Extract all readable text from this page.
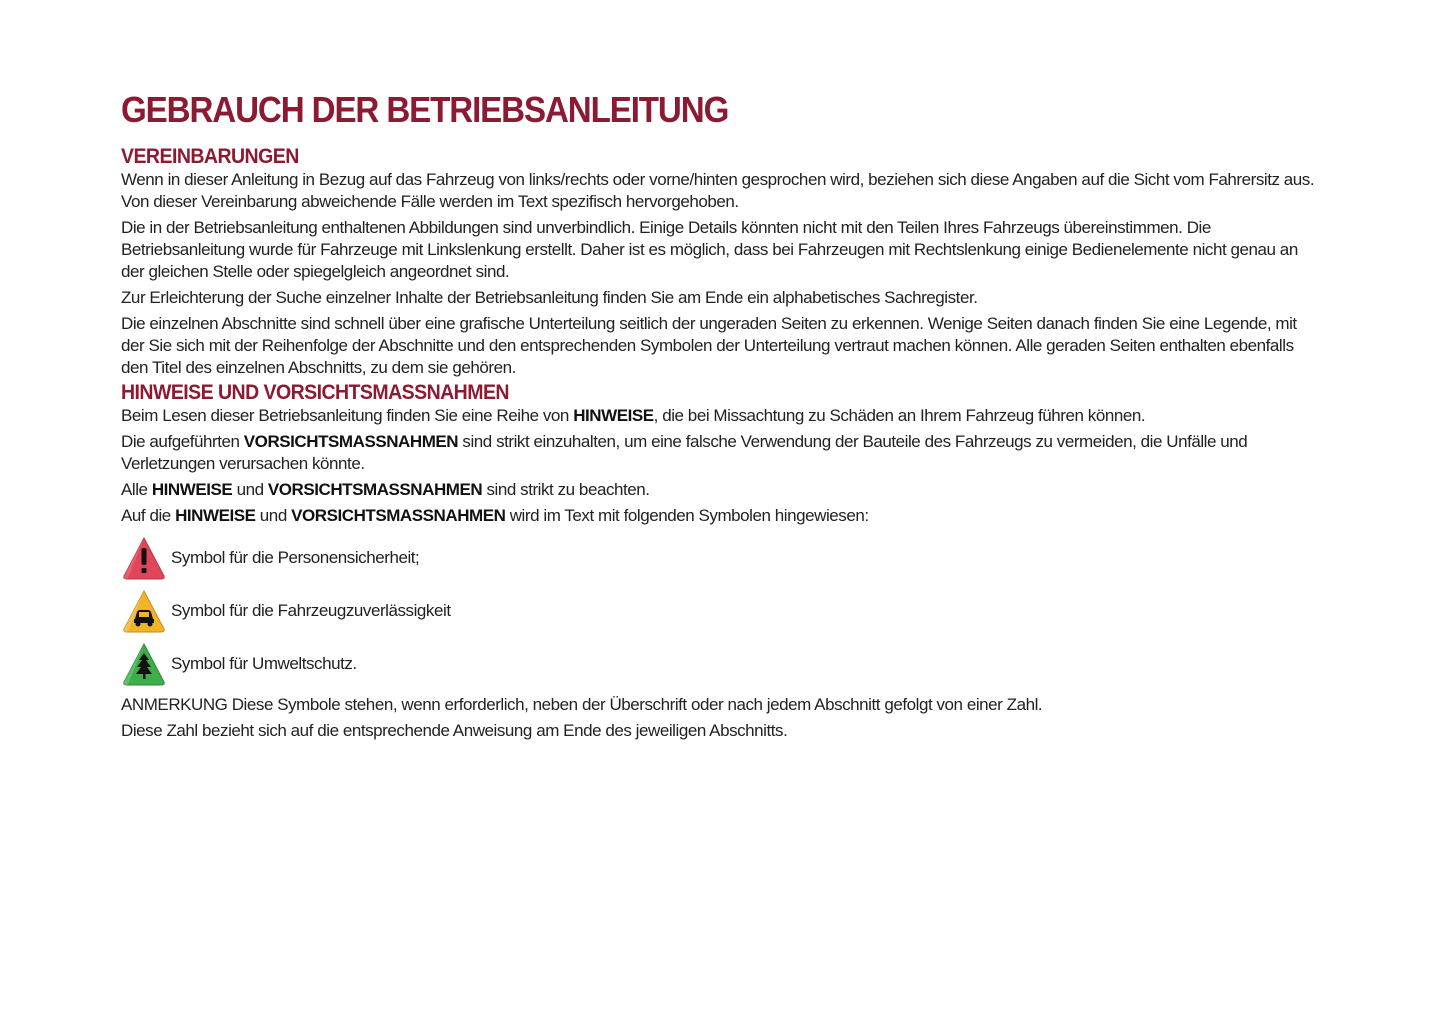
GEBRAUCH DER BETRIEBSANLEITUNG
VEREINBARUNGEN

Wenn in dieser Anleitung in Bezug auf das Fahrzeug von links/rechts oder vorne/hinten gesprochen wird, beziehen sich diese Angaben auf die Sicht vom Fahrersitz aus. Von dieser Vereinbarung abweichende Fälle werden im Text spezifisch hervorgehoben.

Die in der Betriebsanleitung enthaltenen Abbildungen sind unverbindlich. Einige Details könnten nicht mit den Teilen Ihres Fahrzeugs übereinstimmen. Die Betriebsanleitung wurde für Fahrzeuge mit Linkslenkung erstellt. Daher ist es möglich, dass bei Fahrzeugen mit Rechtslenkung einige Bedienelemente nicht genau an der gleichen Stelle oder spiegelgleich angeordnet sind.

Zur Erleichterung der Suche einzelner Inhalte der Betriebsanleitung finden Sie am Ende ein alphabetisches Sachregister.

Die einzelnen Abschnitte sind schnell über eine grafische Unterteilung seitlich der ungeraden Seiten zu erkennen. Wenige Seiten danach finden Sie eine Legende, mit der Sie sich mit der Reihenfolge der Abschnitte und den entsprechenden Symbolen der Unterteilung vertraut machen können. Alle geraden Seiten enthalten ebenfalls den Titel des einzelnen Abschnitts, zu dem sie gehören.

HINWEISE UND VORSICHTSMASSNAHMEN

Beim Lesen dieser Betriebsanleitung finden Sie eine Reihe von HINWEISE, die bei Missachtung zu Schäden an Ihrem Fahrzeug führen können.

Die aufgeführten VORSICHTSMASSNAHMEN sind strikt einzuhalten, um eine falsche Verwendung der Bauteile des Fahrzeugs zu vermeiden, die Unfälle und Verletzungen verursachen könnte.

Alle HINWEISE und VORSICHTSMASSNAHMEN sind strikt zu beachten.

Auf die HINWEISE und VORSICHTSMASSNAHMEN wird im Text mit folgenden Symbolen hingewiesen:

Symbol für die Personensicherheit;
Symbol für die Fahrzeugzuverlässigkeit
Symbol für Umweltschutz.

ANMERKUNG Diese Symbole stehen, wenn erforderlich, neben der Überschrift oder nach jedem Abschnitt gefolgt von einer Zahl.

Diese Zahl bezieht sich auf die entsprechende Anweisung am Ende des jeweiligen Abschnitts.
